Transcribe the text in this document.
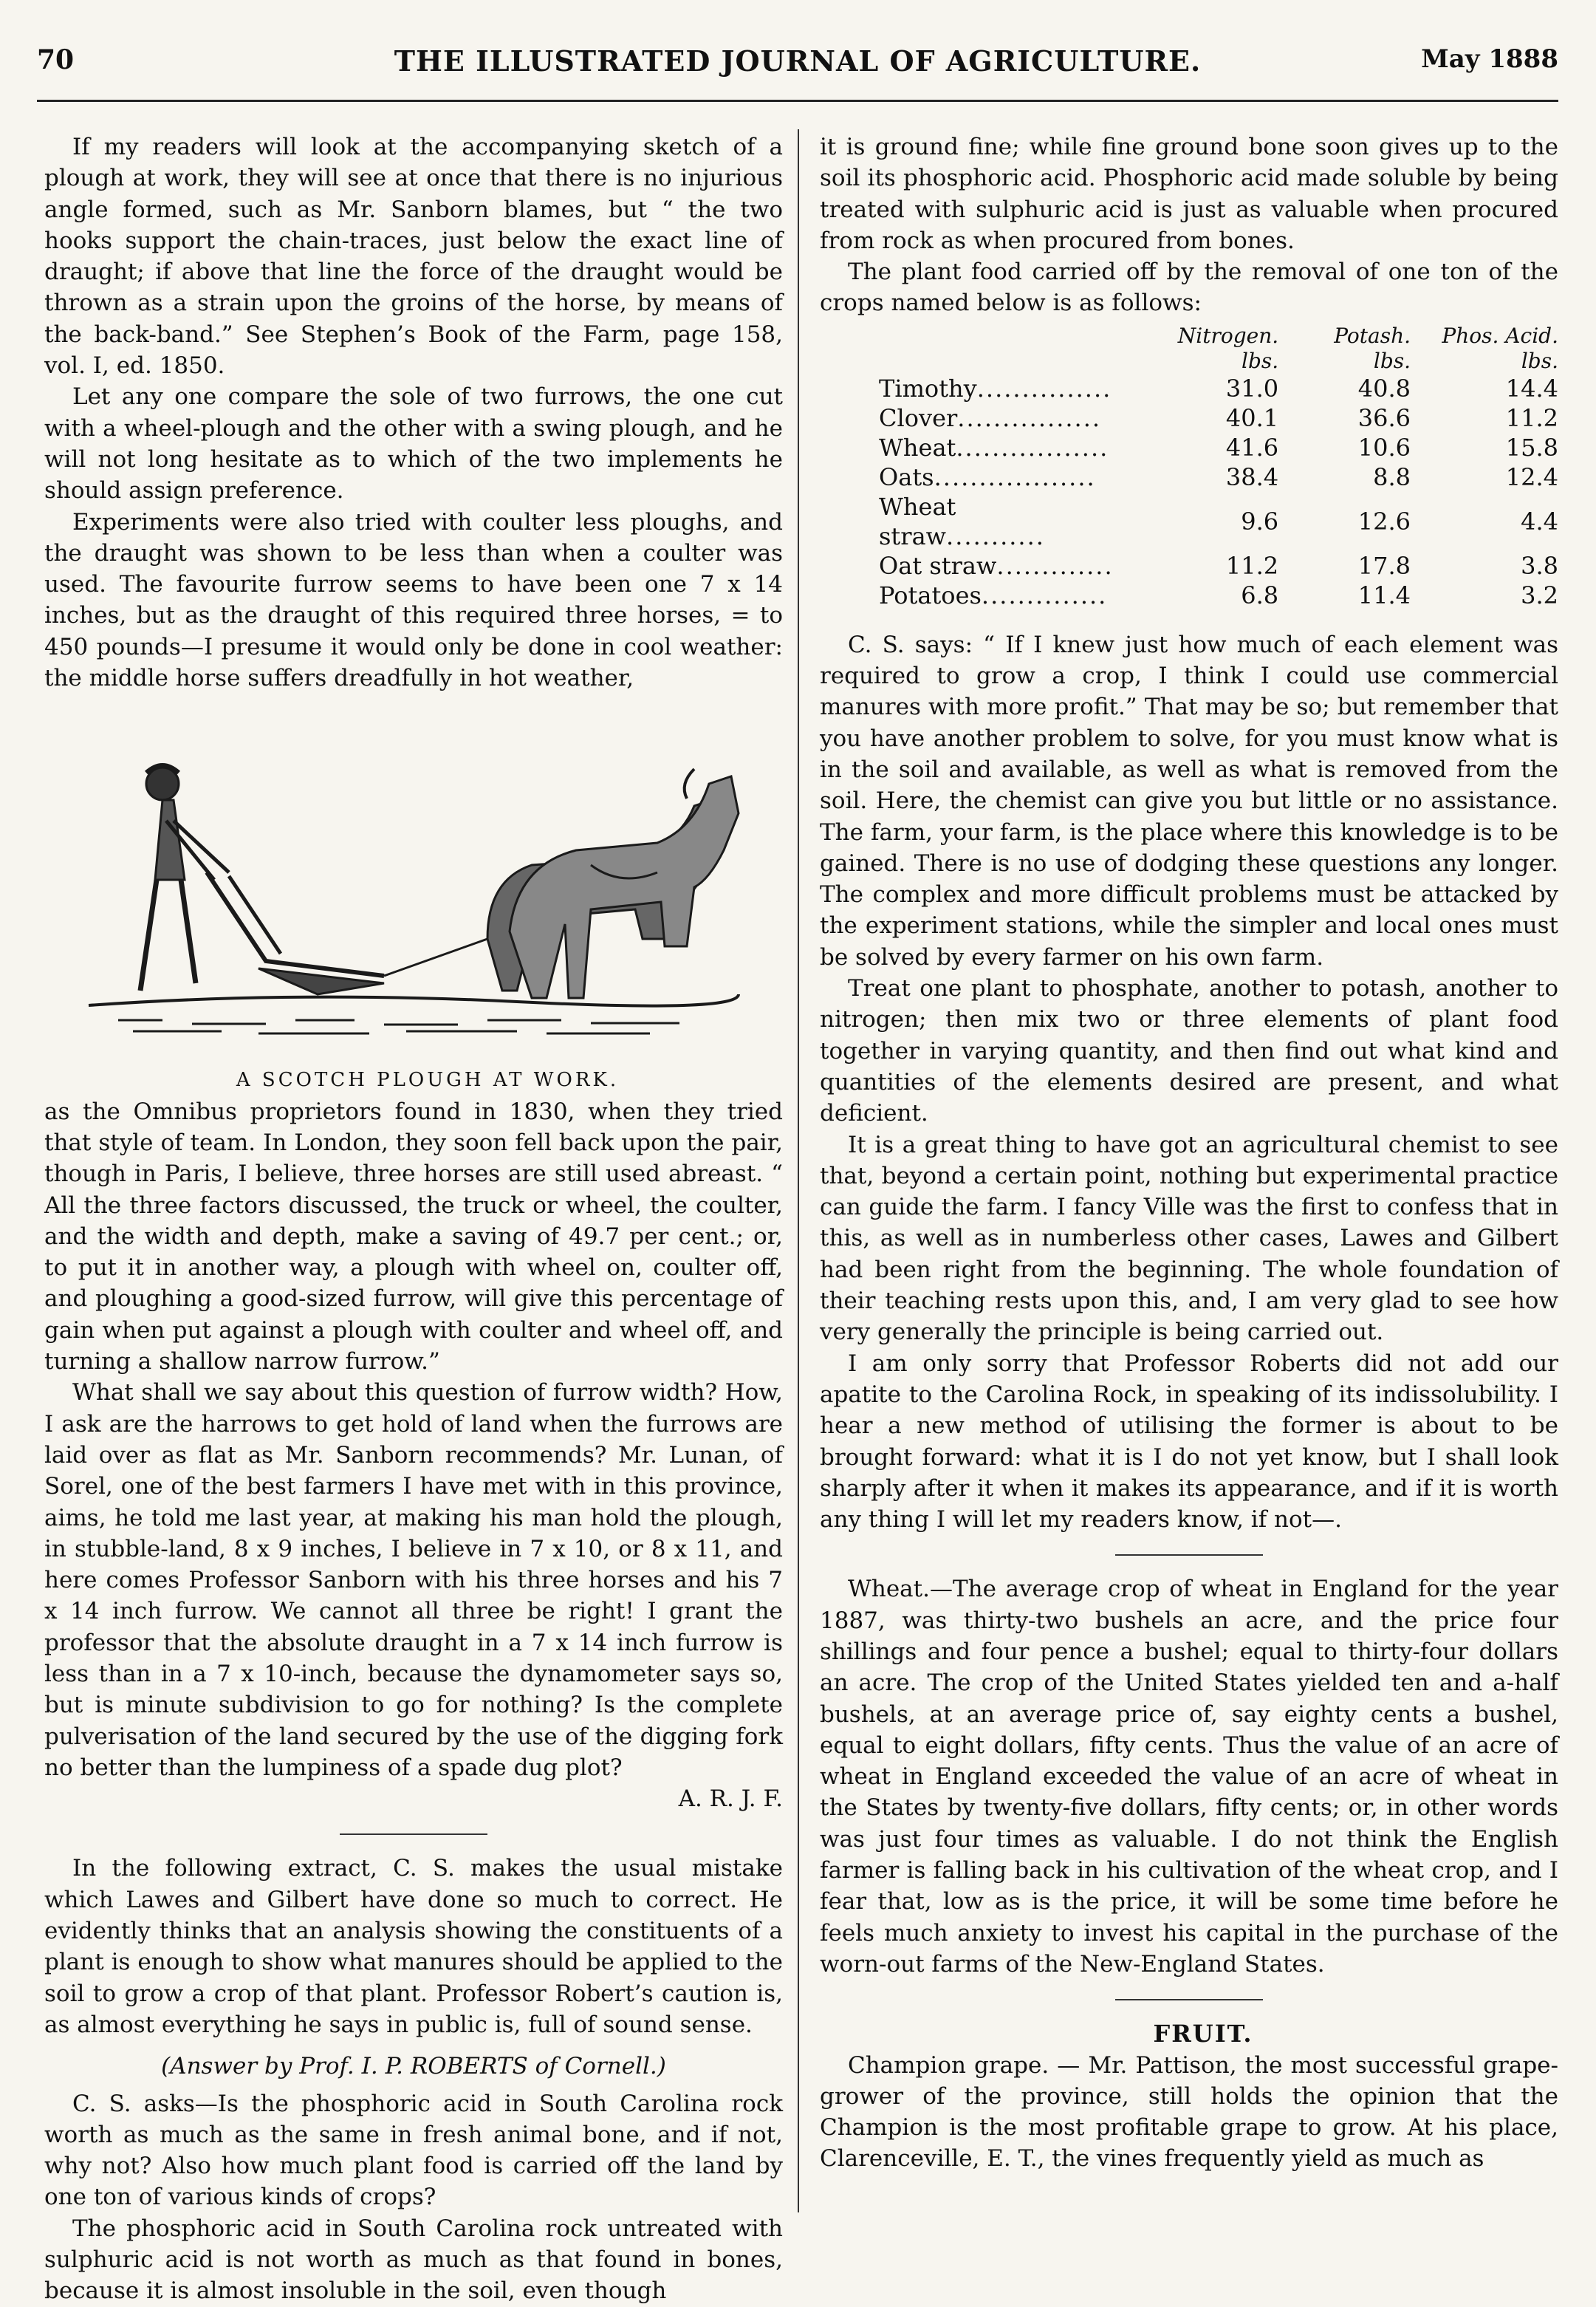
THE ILLUSTRATED JOURNAL OF AGRICULTURE.
70	May 1888

If my readers will look at the accompanying sketch of a plough at work, they will see at once that there is no injurious angle formed, such as Mr. Sanborn blames, but “ the two hooks support the chain-traces, just below the exact line of draught; if above that line the force of the draught would be thrown as a strain upon the groins of the horse, by means of the back-band.” See Stephen’s Book of the Farm, page 158, vol. I, ed. 1850.

Let any one compare the sole of two furrows, the one cut with a wheel-plough and the other with a swing plough, and he will not long hesitate as to which of the two implements he should assign preference.

Experiments were also tried with coulter less ploughs, and the draught was shown to be less than when a coulter was used. The favourite furrow seems to have been one 7 x 14 inches, but as the draught of this required three horses, = to 450 pounds—I presume it would only be done in cool weather: the middle horse suffers dreadfully in hot weather,

A SCOTCH PLOUGH AT WORK.

as the Omnibus proprietors found in 1830, when they tried that style of team. In London, they soon fell back upon the pair, though in Paris, I believe, three horses are still used abreast. “ All the three factors discussed, the truck or wheel, the coulter, and the width and depth, make a saving of 49.7 per cent.; or, to put it in another way, a plough with wheel on, coulter off, and ploughing a good-sized furrow, will give this percentage of gain when put against a plough with coulter and wheel off, and turning a shallow narrow furrow.”

What shall we say about this question of furrow width? How, I ask are the harrows to get hold of land when the furrows are laid over as flat as Mr. Sanborn recommends? Mr. Lunan, of Sorel, one of the best farmers I have met with in this province, aims, he told me last year, at making his man hold the plough, in stubble-land, 8 x 9 inches, I believe in 7 x 10, or 8 x 11, and here comes Professor Sanborn with his three horses and his 7 x 14 inch furrow. We cannot all three be right! I grant the professor that the absolute draught in a 7 x 14 inch furrow is less than in a 7 x 10-inch, because the dynamometer says so, but is minute subdivision to go for nothing? Is the complete pulverisation of the land secured by the use of the digging fork no better than the lumpiness of a spade dug plot?

A. R. J. F.

In the following extract, C. S. makes the usual mistake which Lawes and Gilbert have done so much to correct. He evidently thinks that an analysis showing the constituents of a plant is enough to show what manures should be applied to the soil to grow a crop of that plant. Professor Robert’s caution is, as almost everything he says in public is, full of sound sense.

(Answer by Prof. I. P. ROBERTS of Cornell.)

C. S. asks—Is the phosphoric acid in South Carolina rock worth as much as the same in fresh animal bone, and if not, why not? Also how much plant food is carried off the land by one ton of various kinds of crops?

The phosphoric acid in South Carolina rock untreated with sulphuric acid is not worth as much as that found in bones, because it is almost insoluble in the soil, even though

it is ground fine; while fine ground bone soon gives up to the soil its phosphoric acid. Phosphoric acid made soluble by being treated with sulphuric acid is just as valuable when procured from rock as when procured from bones.

The plant food carried off by the removal of one ton of the crops named below is as follows:

	Nitrogen. lbs.	Potash. lbs.	Phos. Acid. lbs.
Timothy...............	31.0	40.8	14.4
Clover................	40.1	36.6	11.2
Wheat.................	41.6	10.6	15.8
Oats..................	38.4	8.8	12.4
Wheat straw...........	9.6	12.6	4.4
Oat straw.............	11.2	17.8	3.8
Potatoes..............	6.8	11.4	3.2

C. S. says: “ If I knew just how much of each element was required to grow a crop, I think I could use commercial manures with more profit.” That may be so; but remember that you have another problem to solve, for you must know what is in the soil and available, as well as what is removed from the soil. Here, the chemist can give you but little or no assistance. The farm, your farm, is the place where this knowledge is to be gained. There is no use of dodging these questions any longer. The complex and more difficult problems must be attacked by the experiment stations, while the simpler and local ones must be solved by every farmer on his own farm.

Treat one plant to phosphate, another to potash, another to nitrogen; then mix two or three elements of plant food together in varying quantity, and then find out what kind and quantities of the elements desired are present, and what deficient.

It is a great thing to have got an agricultural chemist to see that, beyond a certain point, nothing but experimental practice can guide the farm. I fancy Ville was the first to confess that in this, as well as in numberless other cases, Lawes and Gilbert had been right from the beginning. The whole foundation of their teaching rests upon this, and, I am very glad to see how very generally the principle is being carried out.

I am only sorry that Professor Roberts did not add our apatite to the Carolina Rock, in speaking of its indissolubility. I hear a new method of utilising the former is about to be brought forward: what it is I do not yet know, but I shall look sharply after it when it makes its appearance, and if it is worth any thing I will let my readers know, if not—.

Wheat.—The average crop of wheat in England for the year 1887, was thirty-two bushels an acre, and the price four shillings and four pence a bushel; equal to thirty-four dollars an acre. The crop of the United States yielded ten and a-half bushels, at an average price of, say eighty cents a bushel, equal to eight dollars, fifty cents. Thus the value of an acre of wheat in England exceeded the value of an acre of wheat in the States by twenty-five dollars, fifty cents; or, in other words was just four times as valuable. I do not think the English farmer is falling back in his cultivation of the wheat crop, and I fear that, low as is the price, it will be some time before he feels much anxiety to invest his capital in the purchase of the worn-out farms of the New-England States.

FRUIT.

Champion grape. — Mr. Pattison, the most successful grape-grower of the province, still holds the opinion that the Champion is the most profitable grape to grow. At his place, Clarenceville, E. T., the vines frequently yield as much as
